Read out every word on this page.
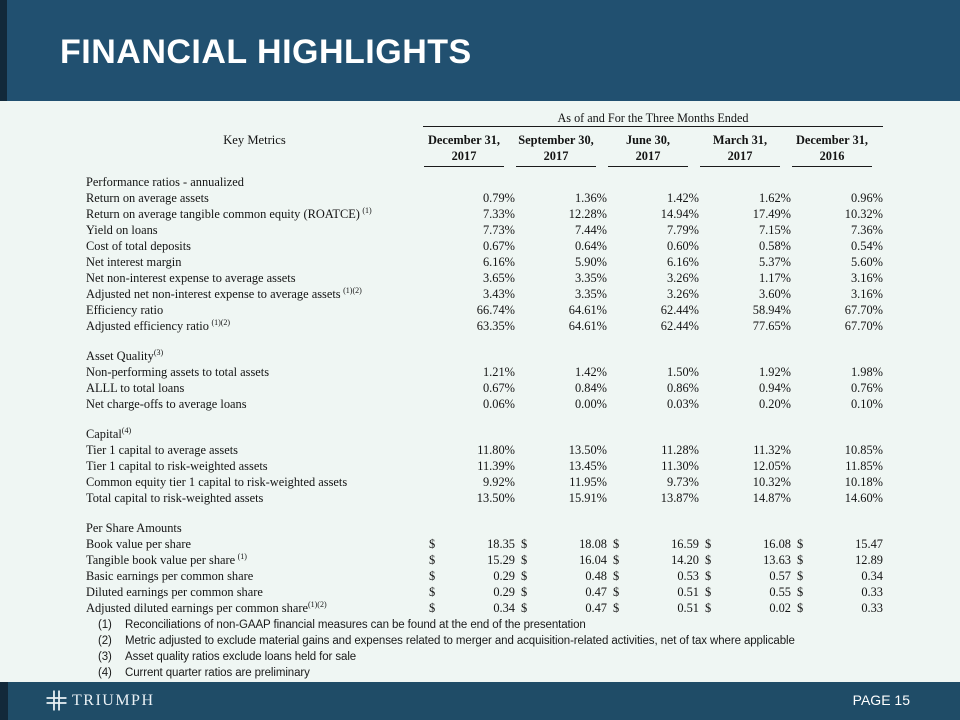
FINANCIAL HIGHLIGHTS
	As of and For the Three Months Ended				
Key Metrics	December 31,	September 30,	June 30,	March 31,	December 31,

	2017	2017	2017	2017	2016

Performance ratios - annualized					
Return on average assets	0.79%	1.36%	1.42%	1.62%	0.96%
Return on average tangible common equity (ROATCE)  $^{(1)}$	7.33%	12.28%	14.94%	17.49%	10.32%
Yield on loans	7.73%	7.44%	7.79%	7.15%	7.36%
Cost of total deposits	0.67%	0.64%	0.60%	0.58%	0.54%
Net interest margin	6.16%	5.90%	6.16%	5.37%	5.60%
Net non-interest expense to average assets	3.65%	3.35%	3.26%	1.17%	3.16%
Adjusted net non-interest expense to average assets  $^{(1)(2)}$	3.43%	3.35%	3.26%	3.60%	3.16%
Efficiency ratio	66.74%	64.61%	62.44%	58.94%	67.70%
Adjusted efficiency ratio  $^{(1)(2)}$	63.35%	64.61%	62.44%	77.65%	67.70%

Asset Quality$^{(3)}$
Non-performing assets to total assets	1.21%	1.42%	1.50%	1.92%	1.98%
ALLL to total loans	0.67%	0.84%	0.86%	0.94%	0.76%
Net charge-offs to average loans	0.06%	0.00%	0.03%	0.20%	0.10%

Capital$^{(4)}$
Tier 1 capital to average assets	11.80%	13.50%	11.28%	11.32%	10.85%
Tier 1 capital to risk-weighted assets	11.39%	13.45%	11.30%	12.05%	11.85%
Common equity tier 1 capital to risk-weighted assets	9.92%	11.95%	9.73%	10.32%	10.18%
Total capital to risk-weighted assets	13.50%	15.91%	13.87%	14.87%	14.60%

Per Share Amounts					
Book value per share	$ 18.35	$ 18.08	$ 16.59	$ 16.08	$ 15.47

Tangible book value per share  $^{(1)}$	$ 15.29	$ 16.04	$ 14.20	$ 13.63	$ 12.89

Basic earnings per common share	$ 0.29	$ 0.48	$ 0.53	$ 0.57	$ 0.34

Diluted earnings per common share	$ 0.29	$ 0.47	$ 0.51	$ 0.55	$ 0.33

Adjusted diluted earnings per common share$^{(1)(2)}$	$ 0.34	$ 0.47	$ 0.51	$ 0.02	$ 0.33
(1)	Reconciliations of non-GAAP financial measures can be found at the end of the presentation
(2)	Metric adjusted to exclude material gains and expenses related to merger and acquisition-related activities, net of tax where applicable
(3)	Asset quality ratios exclude loans held for sale
(4)	Current quarter ratios are preliminary
TRIUMPH	PAGE 15
